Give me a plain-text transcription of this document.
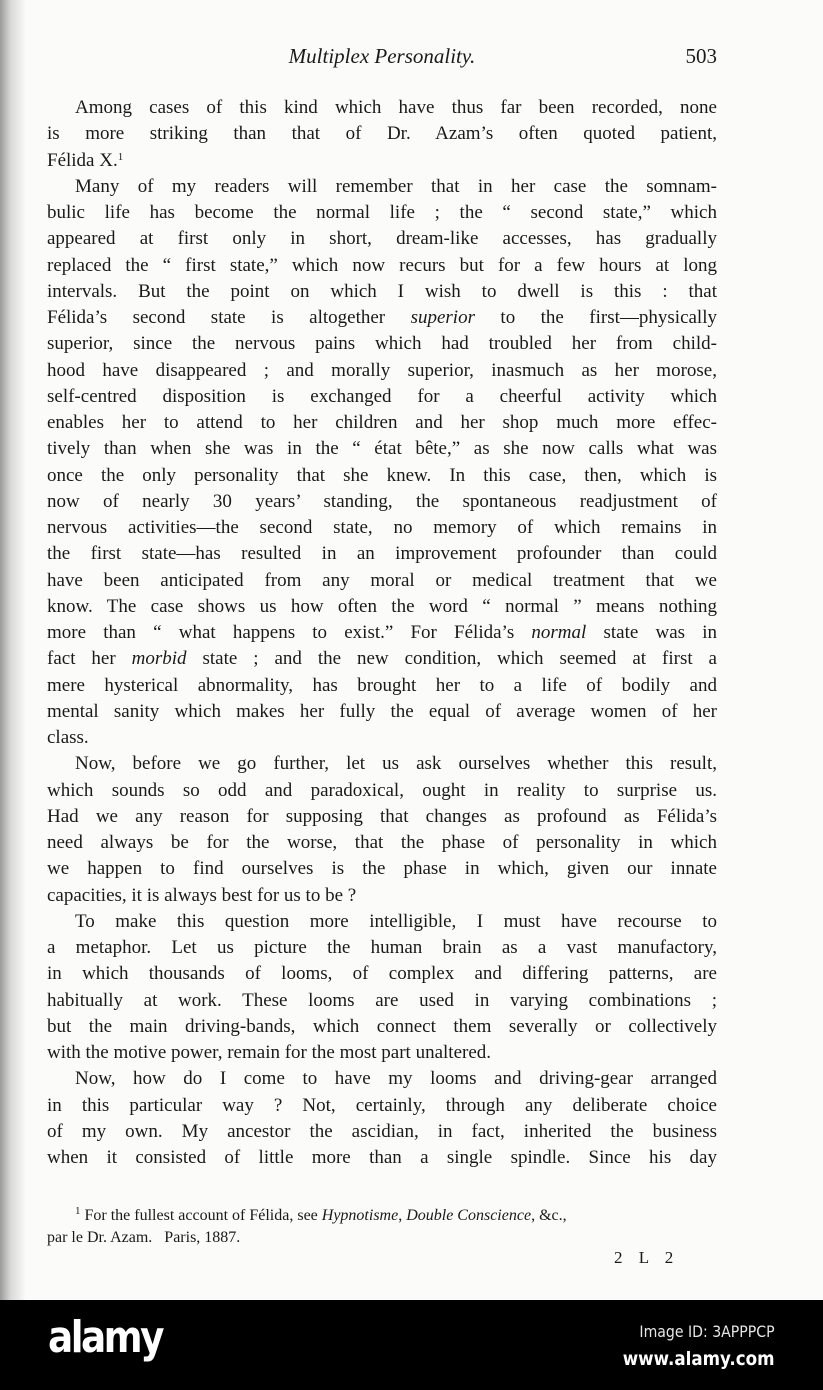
Multiplex Personality.	503
Among cases of this kind which have thus far been recorded, none
is more striking than that of Dr. Azam’s often quoted patient,
Félida X.$^1$
Many of my readers will remember that in her case the somnam-
bulic life has become the normal life ; the “ second state,” which
appeared at first only in short, dream-like accesses, has gradually
replaced the “ first state,” which now recurs but for a few hours at long
intervals. But the point on which I wish to dwell is this : that
Félida’s second state is altogether superior to the first—physically
superior, since the nervous pains which had troubled her from child-
hood have disappeared ; and morally superior, inasmuch as her morose,
self-centred disposition is exchanged for a cheerful activity which
enables her to attend to her children and her shop much more effec-
tively than when she was in the “ état bête,” as she now calls what was
once the only personality that she knew. In this case, then, which is
now of nearly 30 years’ standing, the spontaneous readjustment of
nervous activities—the second state, no memory of which remains in
the first state—has resulted in an improvement profounder than could
have been anticipated from any moral or medical treatment that we
know. The case shows us how often the word “ normal ” means nothing
more than “ what happens to exist.” For Félida’s normal state was in
fact her morbid state ; and the new condition, which seemed at first a
mere hysterical abnormality, has brought her to a life of bodily and
mental sanity which makes her fully the equal of average women of her
class.
Now, before we go further, let us ask ourselves whether this result,
which sounds so odd and paradoxical, ought in reality to surprise us.
Had we any reason for supposing that changes as profound as Félida’s
need always be for the worse, that the phase of personality in which
we happen to find ourselves is the phase in which, given our innate
capacities, it is always best for us to be ?
To make this question more intelligible, I must have recourse to
a metaphor. Let us picture the human brain as a vast manufactory,
in which thousands of looms, of complex and differing patterns, are
habitually at work. These looms are used in varying combinations ;
but the main driving-bands, which connect them severally or collectively
with the motive power, remain for the most part unaltered.
Now, how do I come to have my looms and driving-gear arranged
in this particular way ? Not, certainly, through any deliberate choice
of my own. My ancestor the ascidian, in fact, inherited the business
when it consisted of little more than a single spindle. Since his day
$^1$ For the fullest account of Félida, see Hypnotisme, Double Conscience, &c.,
par le Dr. Azam.   Paris, 1887.
2 L 2
alamy	Image ID: 3APPPCP
www.alamy.com
